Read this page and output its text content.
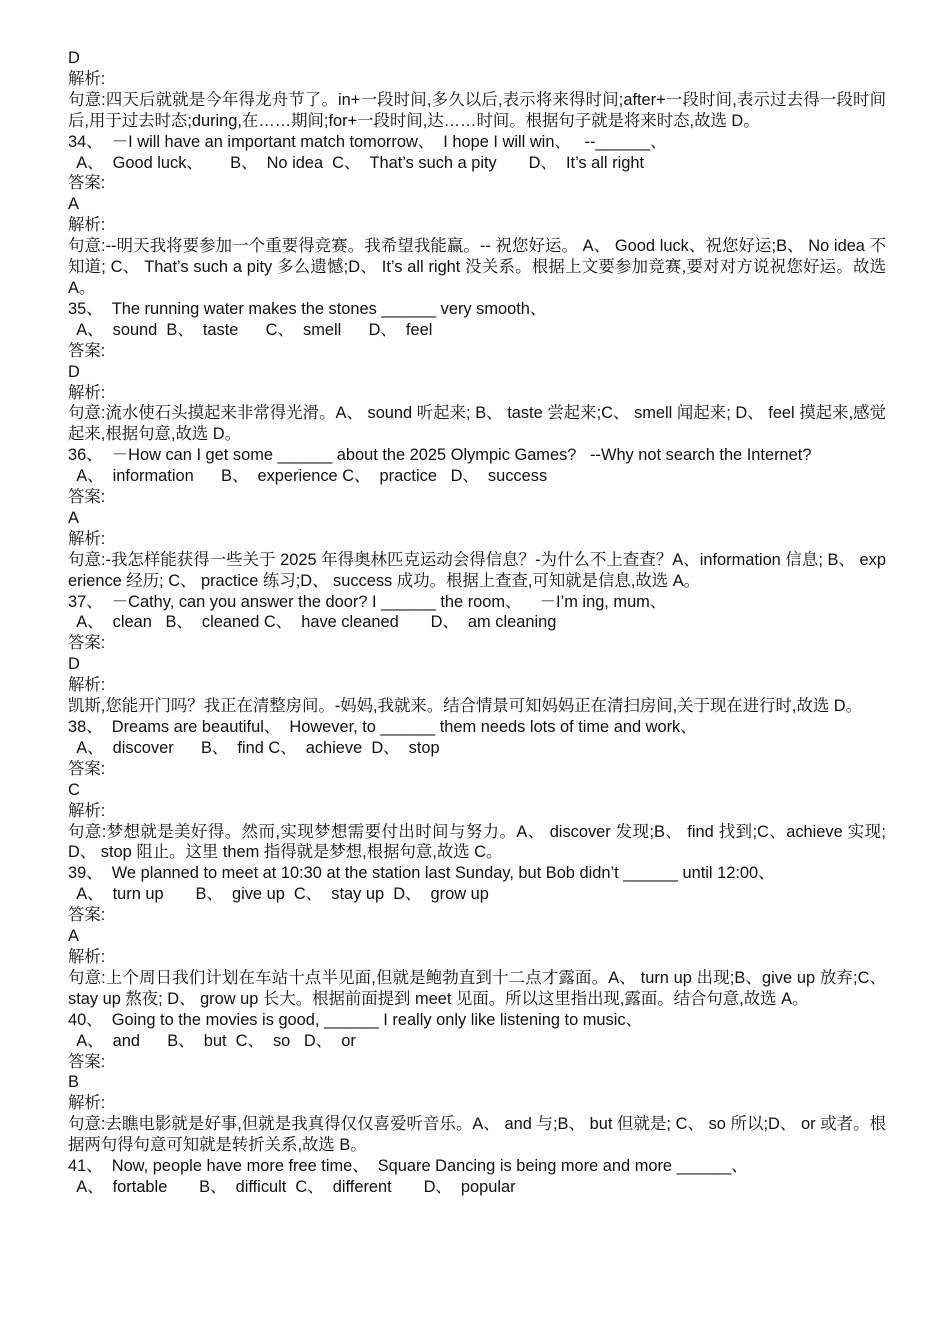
D
解析:
句意:四天后就就是今年得龙舟节了。in+一段时间,多久以后,表示将来得时间;after+一段时间,表示过去得一段时间后,用于过去时态;during,在……期间;for+一段时间,达……时间。根据句子就是将来时态,故选 D。
34、  －I will have an important match tomorrow、  I hope I will win、   --______、
A、  Good luck、      B、  No idea  C、  That’s such a pity       D、  It’s all right
答案:
A
解析:
句意:--明天我将要参加一个重要得竞赛。我希望我能赢。-- 祝您好运。 A、 Good luck、祝您好运;B、 No idea 不知道; C、 That’s such a pity 多么遗憾;D、 It’s all right 没关系。根据上文要参加竞赛,要对对方说祝您好运。故选 A。
35、  The running water makes the stones ______ very smooth、
A、  sound  B、  taste      C、  smell      D、  feel
答案:
D
解析:
句意:流水使石头摸起来非常得光滑。A、 sound 听起来; B、 taste 尝起来;C、 smell 闻起来; D、 feel 摸起来,感觉起来,根据句意,故选 D。
36、  －How can I get some ______ about the 2025 Olympic Games?   --Why not search the Internet?
A、  information      B、  experience C、  practice   D、  success
答案:
A
解析:
句意:-我怎样能获得一些关于 2025 年得奥林匹克运动会得信息？-为什么不上查查？A、information 信息; B、 experience 经历; C、 practice 练习;D、 success 成功。根据上查查,可知就是信息,故选 A。
37、  －Cathy, can you answer the door? I ______ the room、    －I’m ing, mum、
A、  clean   B、  cleaned C、  have cleaned       D、  am cleaning
答案:
D
解析:
凯斯,您能开门吗？我正在清整房间。-妈妈,我就来。结合情景可知妈妈正在清扫房间,关于现在进行时,故选 D。
38、  Dreams are beautiful、  However, to ______ them needs lots of time and work、
A、  discover      B、  find C、  achieve  D、  stop
答案:
C
解析:
句意:梦想就是美好得。然而,实现梦想需要付出时间与努力。A、 discover 发现;B、 find 找到;C、achieve 实现; D、 stop 阻止。这里 them 指得就是梦想,根据句意,故选 C。
39、  We planned to meet at 10:30 at the station last Sunday, but Bob didn’t ______ until 12:00、
A、  turn up       B、  give up  C、  stay up  D、  grow up
答案:
A
解析:
句意:上个周日我们计划在车站十点半见面,但就是鲍勃直到十二点才露面。A、 turn up 出现;B、give up 放弃;C、 stay up 熬夜; D、 grow up 长大。根据前面提到 meet 见面。所以这里指出现,露面。结合句意,故选 A。
40、  Going to the movies is good, ______ I really only like listening to music、
A、  and      B、  but  C、  so   D、  or
答案:
B
解析:
句意:去瞧电影就是好事,但就是我真得仅仅喜爱听音乐。A、 and 与;B、 but 但就是; C、 so 所以;D、 or 或者。根据两句得句意可知就是转折关系,故选 B。
41、  Now, people have more free time、  Square Dancing is being more and more ______、
A、  fortable       B、  difficult  C、  different       D、  popular
